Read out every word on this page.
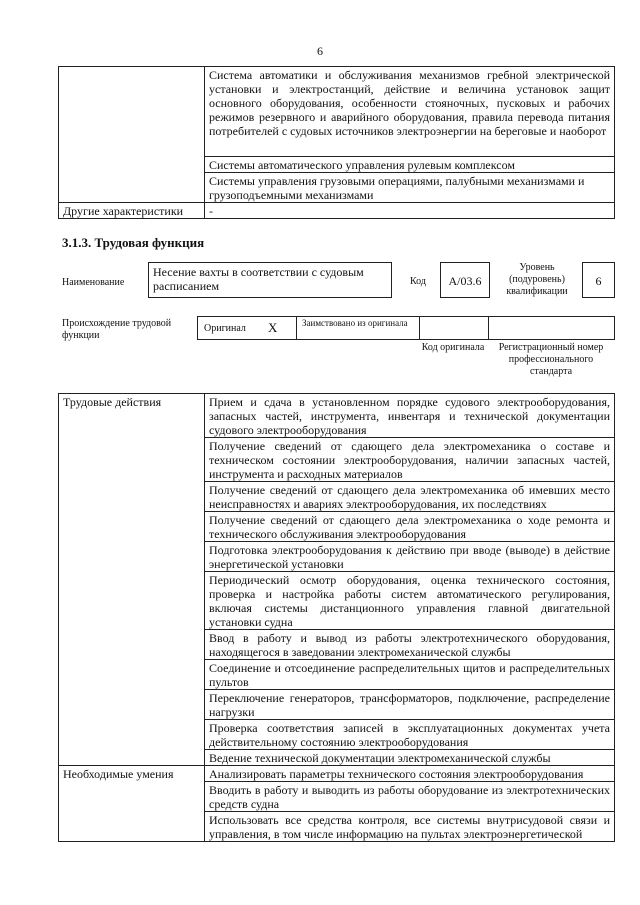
6
	Система автоматики и обслуживания механизмов гребной электрической установки и электростанций, действие и величина установок защит основного оборудования, особенности стояночных, пусковых и рабочих режимов резервного и аварийного оборудования, правила перевода питания потребителей с судовых источников электроэнергии на береговые и наоборот
	Системы автоматического управления рулевым комплексом
	Системы управления грузовыми операциями, палубными механизмами и грузоподъемными механизмами
Другие характеристики	-
3.1.3. Трудовая функция
Наименование
Несение вахты в соответствии с судовым расписанием	Код	A/03.6
Уровень (подуровень) квалификации
6
Происхождение трудовой функции
Оригинал X	Заимствовано из оригинала
Код оригинала	Регистрационный номер профессионального стандарта
Трудовые действия	Прием и сдача в установленном порядке судового электрооборудования, запасных частей, инструмента, инвентаря и технической документации судового электрооборудования
	Получение сведений от сдающего дела электромеханика о составе и техническом состоянии электрооборудования, наличии запасных частей, инструмента и расходных материалов
	Получение сведений от сдающего дела электромеханика об имевших место неисправностях и авариях электрооборудования, их последствиях
	Получение сведений от сдающего дела электромеханика о ходе ремонта и технического обслуживания электрооборудования
	Подготовка электрооборудования к действию при вводе (выводе) в действие энергетической установки
	Периодический осмотр оборудования, оценка технического состояния, проверка и настройка работы систем автоматического регулирования, включая системы дистанционного управления главной двигательной установки судна
	Ввод в работу и вывод из работы электротехнического оборудования, находящегося в заведовании электромеханической службы
	Соединение и отсоединение распределительных щитов и распределительных пультов
	Переключение генераторов, трансформаторов, подключение, распределение нагрузки
	Проверка соответствия записей в эксплуатационных документах учета действительному состоянию электрооборудования
	Ведение технической документации электромеханической службы
Необходимые умения	Анализировать параметры технического состояния электрооборудования
	Вводить в работу и выводить из работы оборудование из электротехнических средств судна
	Использовать все средства контроля, все системы внутрисудовой связи и управления, в том числе информацию на пультах электроэнергетической
